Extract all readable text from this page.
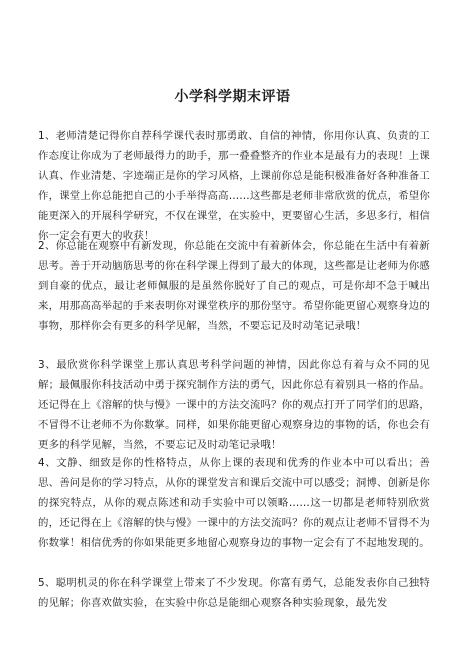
小学科学期末评语
1、老师清楚记得你自荐科学课代表时那勇敢、自信的神情，你用你认真、负责的工作态度让你成为了老师最得力的助手，那一叠叠整齐的作业本是最有力的表现！上课认真、作业清楚、字迹端正是你的学习风格，上课前你总是能积极准备好各种准备工作，课堂上你总能把自己的小手举得高高……这些都是老师非常欣赏的优点，希望你能更深入的开展科学研究，不仅在课堂，在实验中，更要留心生活，多思多行，相信你一定会有更大的收获！
2、你总能在观察中有新发现，你总能在交流中有着新体会，你总能在生活中有着新思考。善于开动脑筋思考的你在科学课上得到了最大的体现，这些都是让老师为你感到自豪的优点，最让老师佩服的是虽然你脱好了自己的观点，可是你却不急于喊出来，用那高高举起的手来表明你对课堂秩序的那份坚守。希望你能更留心观察身边的事物，那样你会有更多的科学见解，当然，不要忘记及时动笔记录哦！
3、最欣赏你科学课堂上那认真思考科学问题的神情，因此你总有着与众不同的见解；最佩服你科技活动中勇于探究制作方法的勇气，因此你总有着别具一格的作品。还记得在上《溶解的快与慢》一课中的方法交流吗？你的观点打开了同学们的思路，不冒得不让老师不为你数掌。同样，如果你能更留心观察身边的事物的话，你也会有更多的科学见解，当然，不要忘记及时动笔记录哦！
4、文静、细致是你的性格特点，从你上课的表现和优秀的作业本中可以看出；善思、善问是你的学习特点，从你的课堂发言和课后交流中可以感受；洞博、创新是你的探究特点，从你的观点陈述和动手实验中可以领略……这一切都是老师特别欣赏的，还记得在上《溶解的快与慢》一课中的方法交流吗？你的观点让老师不冒得不为你数掌！相信优秀的你如果能更多地留心观察身边的事物一定会有了不起地发现的。
5、聪明机灵的你在科学课堂上带来了不少发现。你富有勇气，总能发表你自己独特的见解；你喜欢做实验，在实验中你总是能细心观察各种实验现象，最先发
